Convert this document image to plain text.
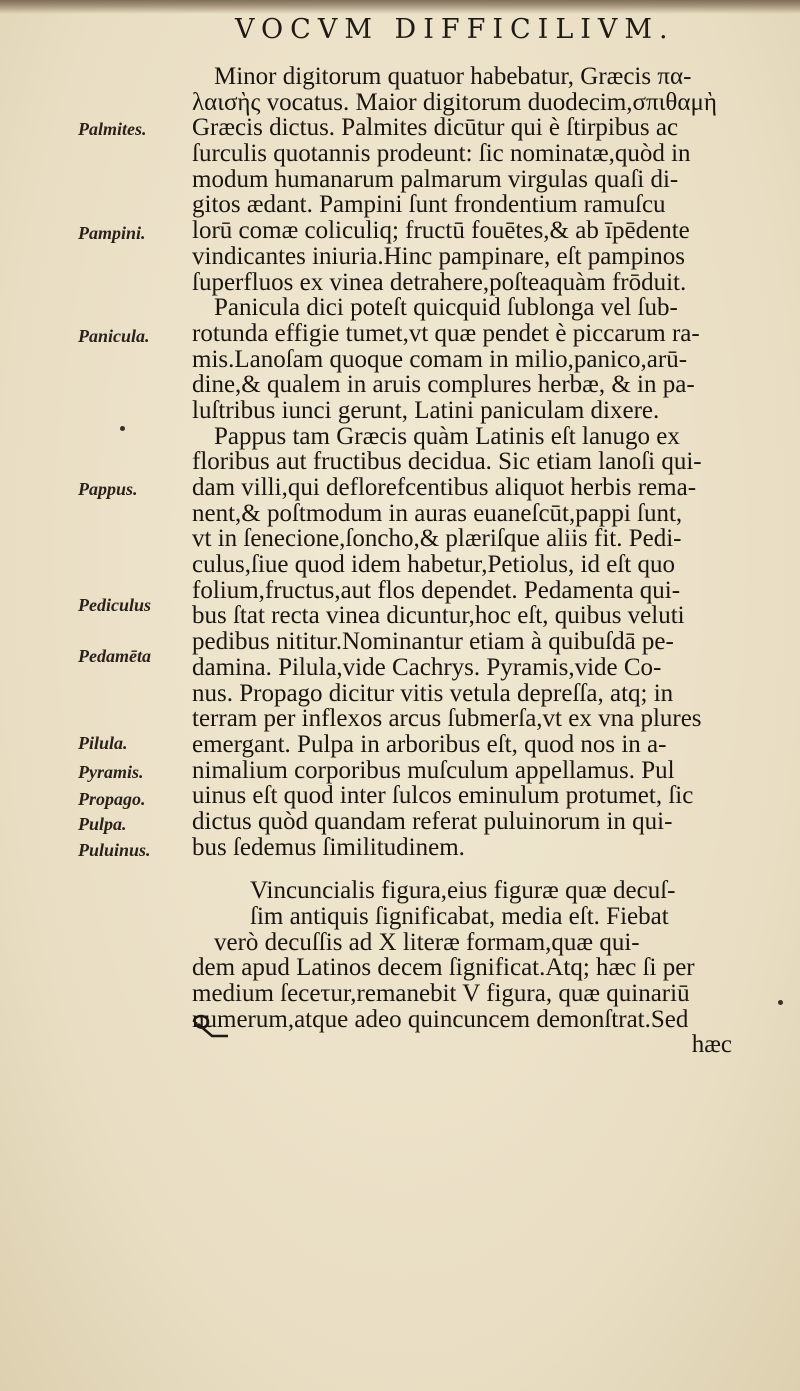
VOCVM DIFFICILIVM.
Palmites.
Pampini.
Panicula.
Pappus.
Pediculus
Pedamēta
Pilula.
Pyramis.
Propago.
Pulpa.
Puluinus.
Minor digitorum quatuor habebatur, Græcis πα-
λαισὴς vocatus. Maior digitorum duodecim,σπιθαμὴ
Græcis dictus. Palmites dicūtur qui è ſtirpibus ac
ſurculis quotannis prodeunt: ſic nominatæ,quòd in
modum humanarum palmarum virgulas quaſi di-
gitos ædant. Pampini ſunt frondentium ramuſcu
lorū comæ coliculiq; fructū fouētes,& ab īpēdente
vindicantes iniuria.Hinc pampinare, eſt pampinos
ſuperfluos ex vinea detrahere,poſteaquàm frōduit.
Panicula dici poteſt quicquid ſublonga vel ſub-
rotunda effigie tumet,vt quæ pendet è piccarum ra-
mis.Lanoſam quoque comam in milio,panico,arū-
dine,& qualem in aruis complures herbæ, & in pa-
luſtribus iunci gerunt, Latini paniculam dixere.
Pappus tam Græcis quàm Latinis eſt lanugo ex
floribus aut fructibus decidua. Sic etiam lanoſi qui-
dam villi,qui deflorefcentibus aliquot herbis rema-
nent,& poſtmodum in auras euaneſcūt,pappi ſunt,
vt in ſenecione,ſoncho,& plæriſque aliis fit. Pedi-
culus,ſiue quod idem habetur,Petiolus, id eſt quo
folium,fructus,aut flos dependet. Pedamenta qui-
bus ſtat recta vinea dicuntur,hoc eſt, quibus veluti
pedibus nititur.Nominantur etiam à quibuſdā pe-
damina. Pilula,vide Cachrys. Pyramis,vide Co-
nus. Propago dicitur vitis vetula depreſſa, atq; in
terram per inflexos arcus ſubmerſa,vt ex vna plures
emergant. Pulpa in arboribus eſt, quod nos in a-
nimalium corporibus muſculum appellamus. Pul
uinus eſt quod inter ſulcos eminulum protumet, ſic
dictus quòd quandam referat puluinorum in qui-
bus ſedemus ſimilitudinem.
Vincuncialis figura,eius figuræ quæ decuſ-
ſim antiquis ſignificabat, media eſt. Fiebat
verò decuſſis ad X literæ formam,quæ qui-
dem apud Latinos decem ſignificat.Atq; hæc ſi per
medium ſeceτur,remanebit V figura, quæ quinariū
numerum,atque adeo quincuncem demonſtrat.Sed
hæc
